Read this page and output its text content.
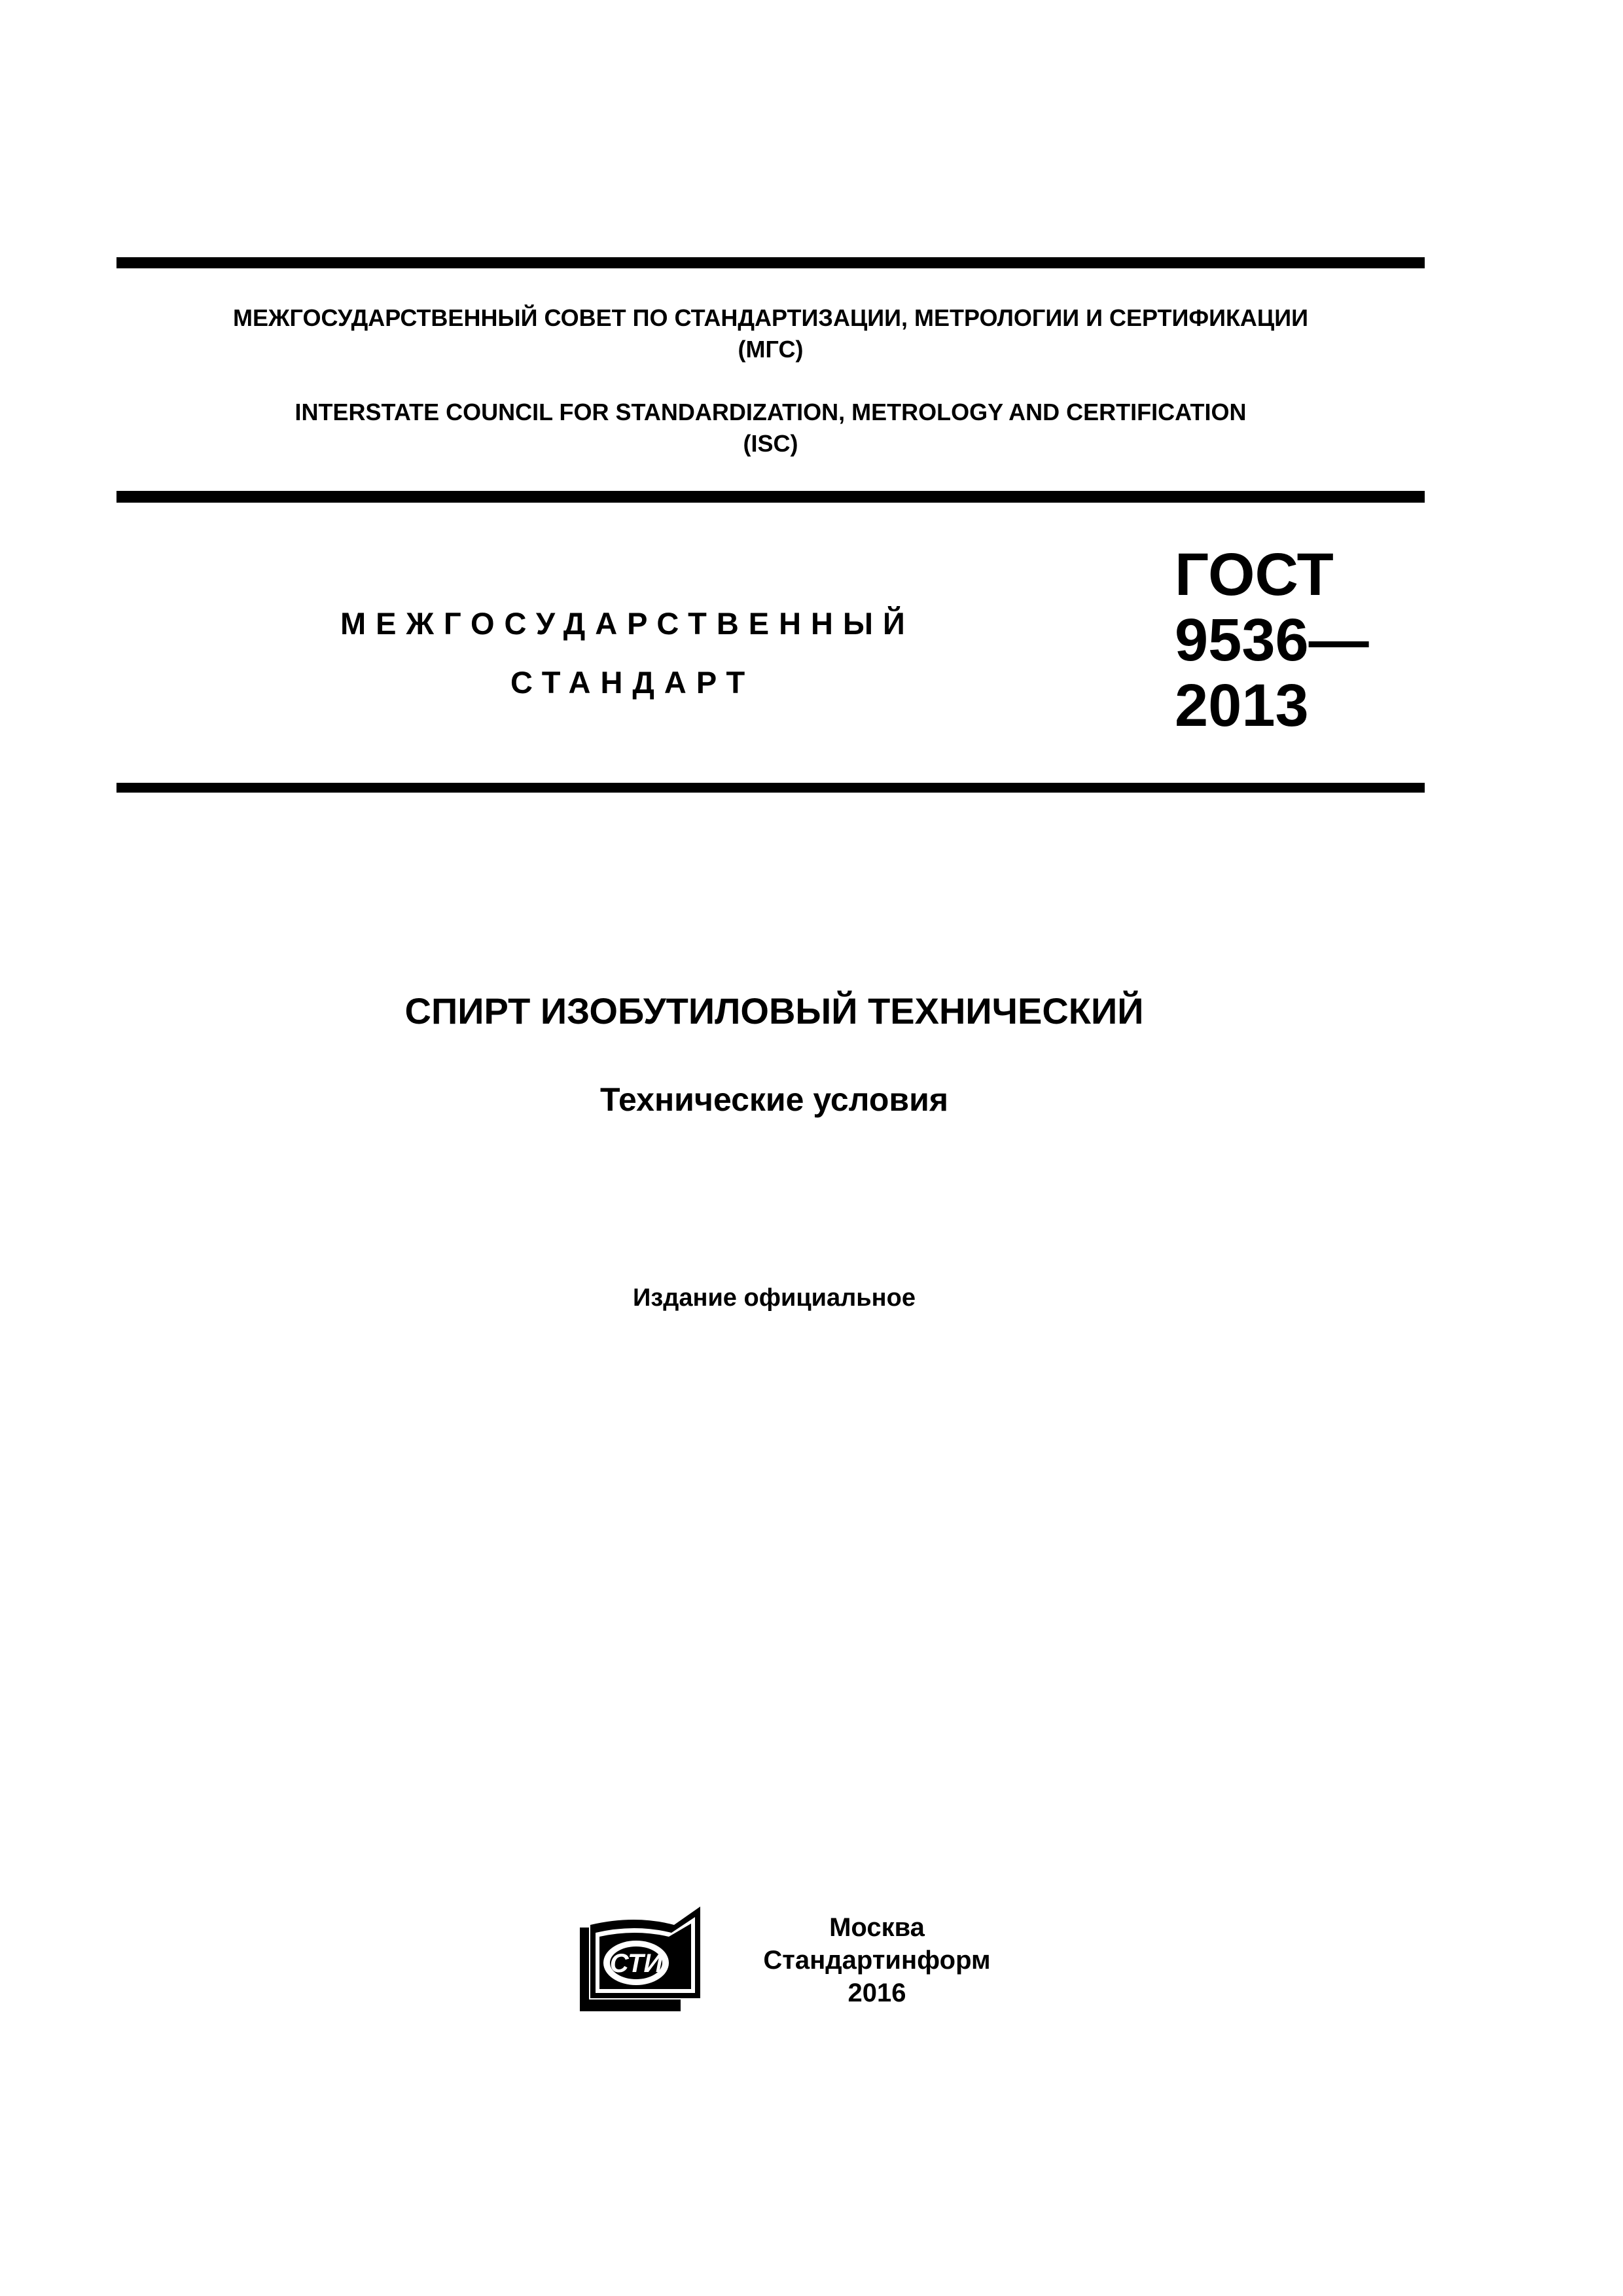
МЕЖГОСУДАРСТВЕННЫЙ СОВЕТ ПО СТАНДАРТИЗАЦИИ, МЕТРОЛОГИИ И СЕРТИФИКАЦИИ
(МГС)
INTERSTATE COUNCIL FOR STANDARDIZATION, METROLOGY AND CERTIFICATION
(ISC)
МЕЖГОСУДАРСТВЕННЫЙ
СТАНДАРТ
ГОСТ
9536—
2013
СПИРТ ИЗОБУТИЛОВЫЙ ТЕХНИЧЕСКИЙ
Технические условия
Издание официальное
СТИ
Москва
Стандартинформ
2016
